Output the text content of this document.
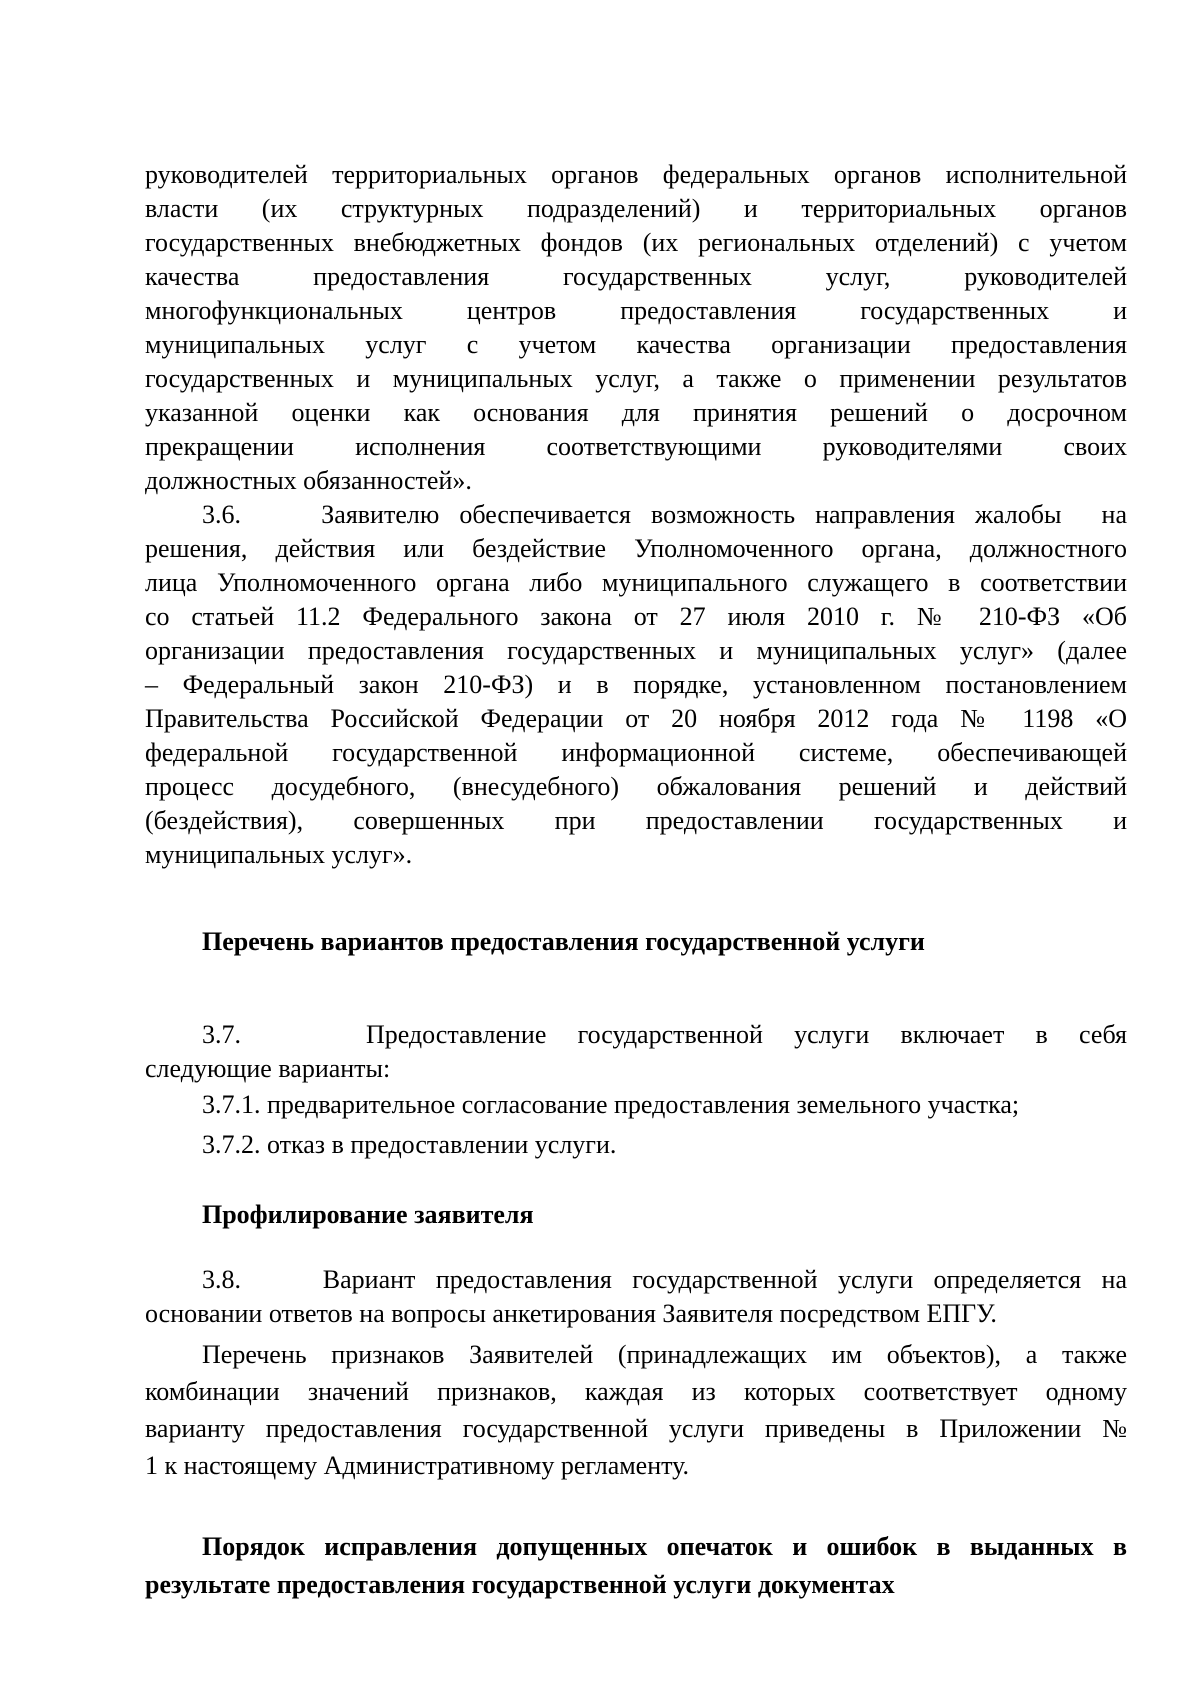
руководителей территориальных органов федеральных органов исполнительной
власти (их структурных подразделений) и территориальных органов
государственных внебюджетных фондов (их региональных отделений) с учетом
качества предоставления государственных услуг, руководителей
многофункциональных центров предоставления государственных и
муниципальных услуг с учетом качества организации предоставления
государственных и муниципальных услуг, а также о применении результатов
указанной оценки как основания для принятия решений о досрочном
прекращении исполнения соответствующими руководителями своих
должностных обязанностей».
3.6.    Заявителю обеспечивается возможность направления жалобы  на
решения, действия или бездействие Уполномоченного органа, должностного
лица Уполномоченного органа либо муниципального служащего в соответствии
со статьей 11.2 Федерального закона от 27 июля 2010 г. № 210-ФЗ «Об
организации предоставления государственных и муниципальных услуг» (далее
– Федеральный закон 210-ФЗ) и в порядке, установленном постановлением
Правительства Российской Федерации от 20 ноября 2012 года № 1198 «О
федеральной государственной информационной системе, обеспечивающей
процесс досудебного, (внесудебного) обжалования решений и действий
(бездействия), совершенных при предоставлении государственных и
муниципальных услуг».
Перечень вариантов предоставления государственной услуги
3.7.    Предоставление государственной услуги включает в себя
следующие варианты:
3.7.1. предварительное согласование предоставления земельного участка;
3.7.2. отказ в предоставлении услуги.
Профилирование заявителя
3.8.    Вариант предоставления государственной услуги определяется на
основании ответов на вопросы анкетирования Заявителя посредством ЕПГУ.
Перечень признаков Заявителей (принадлежащих им объектов), а также
комбинации значений признаков, каждая из которых соответствует одному
варианту предоставления государственной услуги приведены в Приложении №
1 к настоящему Административному регламенту.
Порядок исправления допущенных опечаток и ошибок в выданных в
результате предоставления государственной услуги документах
